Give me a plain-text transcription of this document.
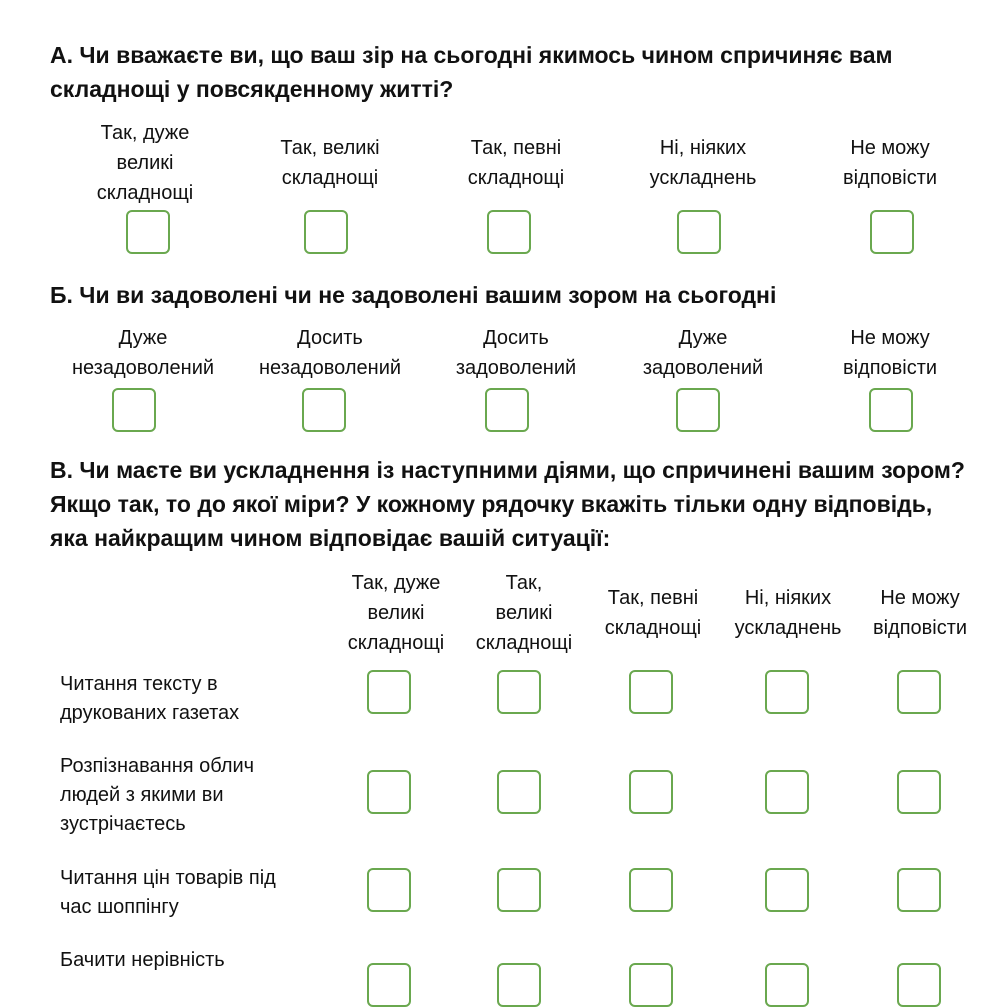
А. Чи вважаєте ви, що ваш зір на сьогодні якимось чином спричиняє вам складнощі у повсякденному житті?

Так, дуже
великі
складнощі
Так, великі
складнощі
Так, певні
складнощі
Ні, ніяких
ускладнень
Не можу
відповісти

Б. Чи ви задоволені чи не задоволені вашим зором на сьогодні

Дуже
незадоволений
Досить
незадоволений
Досить
задоволений
Дуже
задоволений
Не можу
відповісти

В. Чи маєте ви ускладнення із наступними діями, що спричинені вашим зором? Якщо так, то до якої міри? У кожному рядочку вкажіть тільки одну відповідь, яка найкращим чином відповідає вашій ситуації:

Так, дуже
великі
складнощі
Так,
великі
складнощі
Так, певні
складнощі
Ні, ніяких
ускладнень
Не можу
відповісти
Читання тексту в
друкованих газетах
Розпізнавання облич
людей з якими ви
зустрічаєтесь
Читання цін товарів під
час шоппінгу
Бачити нерівність
